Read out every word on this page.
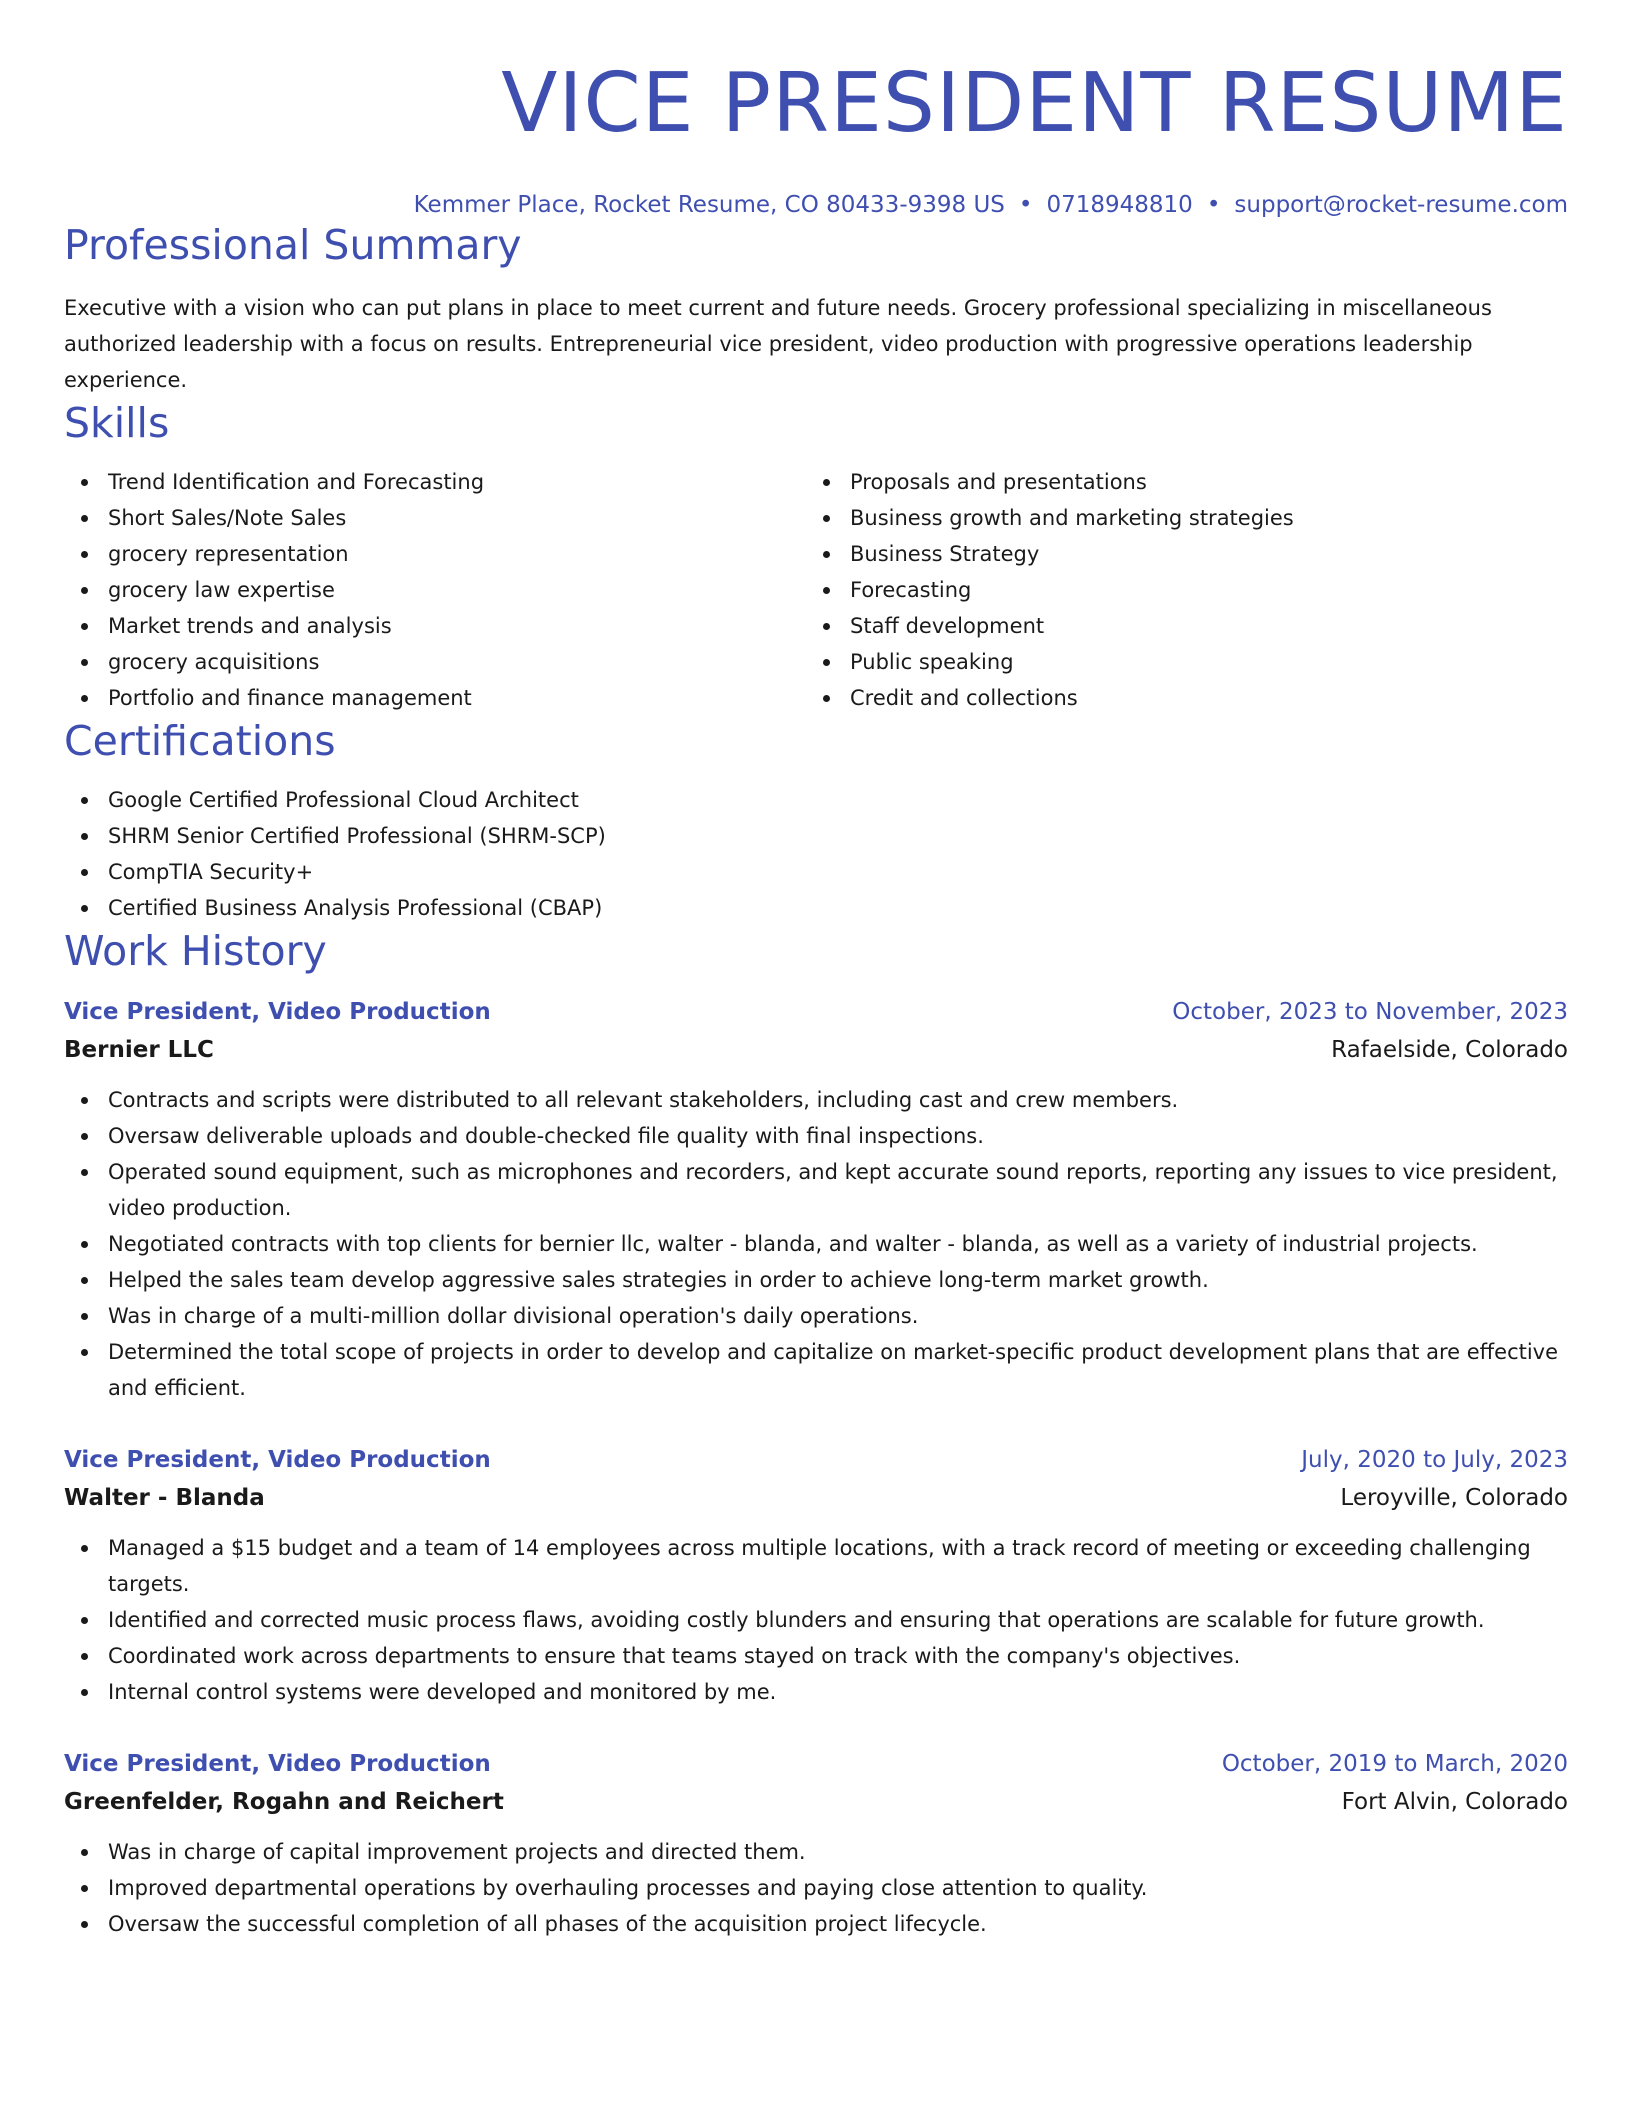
VICE PRESIDENT RESUME
Kemmer Place, Rocket Resume, CO 80433-9398 US • 0718948810 • support@rocket-resume.com
Professional Summary

Executive with a vision who can put plans in place to meet current and future needs. Grocery professional specializing in miscellaneous authorized leadership with a focus on results. Entrepreneurial vice president, video production with progressive operations leadership experience.

Skills
Trend Identification and Forecasting
Short Sales/Note Sales
grocery representation
grocery law expertise
Market trends and analysis
grocery acquisitions
Portfolio and finance management
Proposals and presentations
Business growth and marketing strategies
Business Strategy
Forecasting
Staff development
Public speaking
Credit and collections
Certifications
Google Certified Professional Cloud Architect
SHRM Senior Certified Professional (SHRM-SCP)
CompTIA Security+
Certified Business Analysis Professional (CBAP)
Work History
Vice President, Video Production	October, 2023 to November, 2023
Bernier LLC	Rafaelside, Colorado
Contracts and scripts were distributed to all relevant stakeholders, including cast and crew members.
Oversaw deliverable uploads and double-checked file quality with final inspections.
Operated sound equipment, such as microphones and recorders, and kept accurate sound reports, reporting any issues to vice president, video production.
Negotiated contracts with top clients for bernier llc, walter - blanda, and walter - blanda, as well as a variety of industrial projects.
Helped the sales team develop aggressive sales strategies in order to achieve long-term market growth.
Was in charge of a multi-million dollar divisional operation's daily operations.
Determined the total scope of projects in order to develop and capitalize on market-specific product development plans that are effective and efficient.
Vice President, Video Production	July, 2020 to July, 2023
Walter - Blanda	Leroyville, Colorado
Managed a $15 budget and a team of 14 employees across multiple locations, with a track record of meeting or exceeding challenging targets.
Identified and corrected music process flaws, avoiding costly blunders and ensuring that operations are scalable for future growth.
Coordinated work across departments to ensure that teams stayed on track with the company's objectives.
Internal control systems were developed and monitored by me.
Vice President, Video Production	October, 2019 to March, 2020
Greenfelder, Rogahn and Reichert	Fort Alvin, Colorado
Was in charge of capital improvement projects and directed them.
Improved departmental operations by overhauling processes and paying close attention to quality.
Oversaw the successful completion of all phases of the acquisition project lifecycle.
